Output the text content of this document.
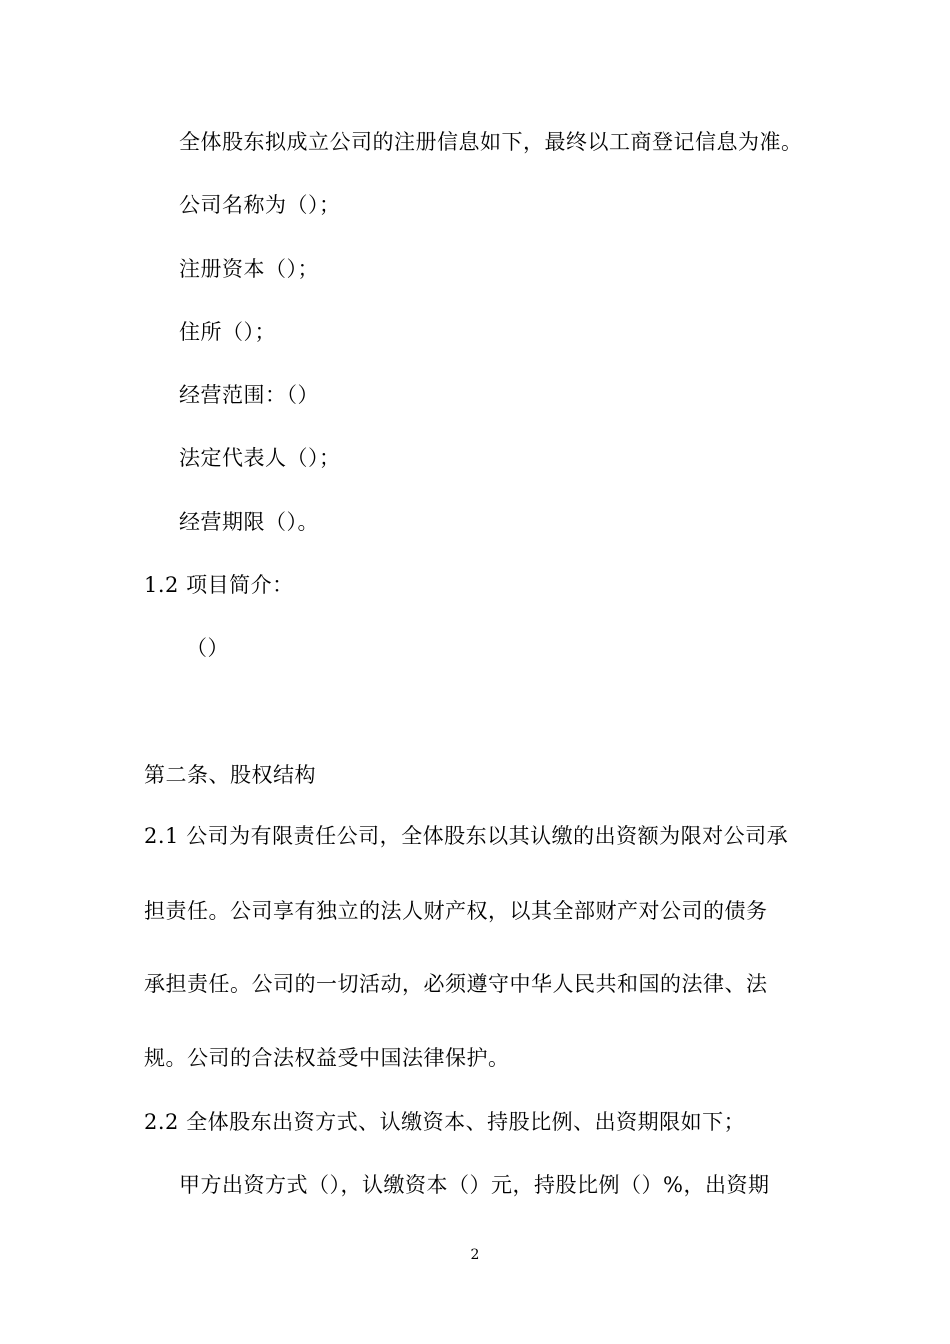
全体股东拟成立公司的注册信息如下，最终以工商登记信息为准。
公司名称为（）；
注册资本（）；
住所（）；
经营范围：（）
法定代表人（）；
经营期限（）。
1.2 项目简介：
（）
第二条、股权结构
2.1 公司为有限责任公司，全体股东以其认缴的出资额为限对公司承
担责任。公司享有独立的法人财产权，以其全部财产对公司的债务
承担责任。公司的一切活动，必须遵守中华人民共和国的法律、法
规。公司的合法权益受中国法律保护。
2.2 全体股东出资方式、认缴资本、持股比例、出资期限如下；
甲方出资方式（），认缴资本（）元，持股比例（）%，出资期
2
